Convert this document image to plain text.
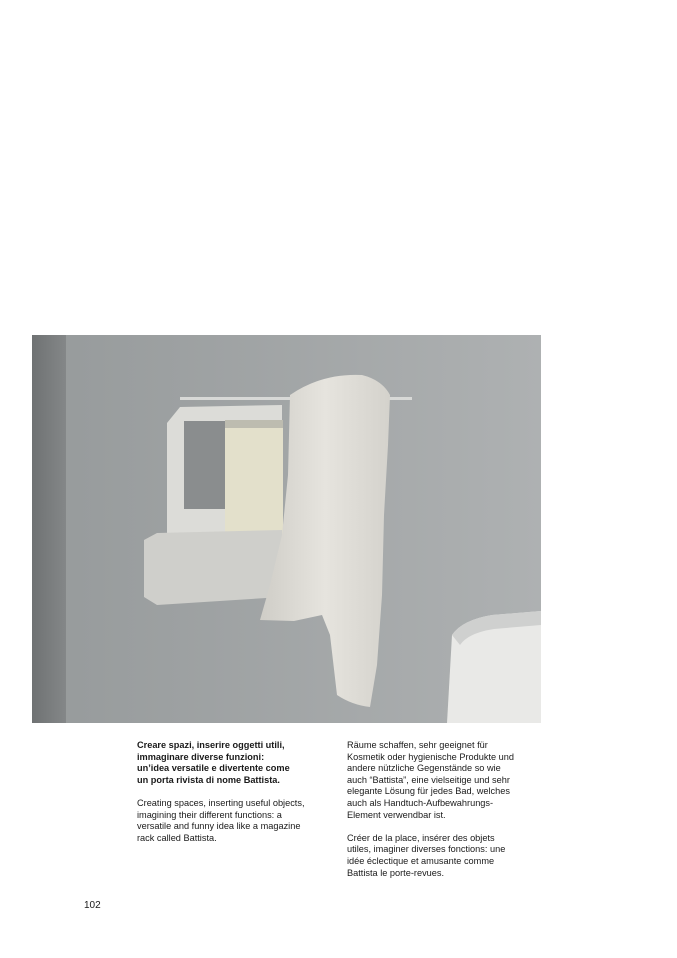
Creare spazi, inserire oggetti utili,
immaginare diverse funzioni:
un’idea versatile e divertente come
un porta rivista di nome Battista.

Creating spaces, inserting useful objects,
imagining their different functions: a
versatile and funny idea like a magazine
rack called Battista.

Räume schaffen, sehr geeignet für
Kosmetik oder hygienische Produkte und
andere nützliche Gegenstände so wie
auch “Battista”, eine vielseitige und sehr
elegante Lösung für jedes Bad, welches
auch als Handtuch-Aufbewahrungs-
Element verwendbar ist.

Créer de la place, insérer des objets
utiles, imaginer diverses fonctions: une
idée éclectique et amusante comme
Battista le porte-revues.

102
